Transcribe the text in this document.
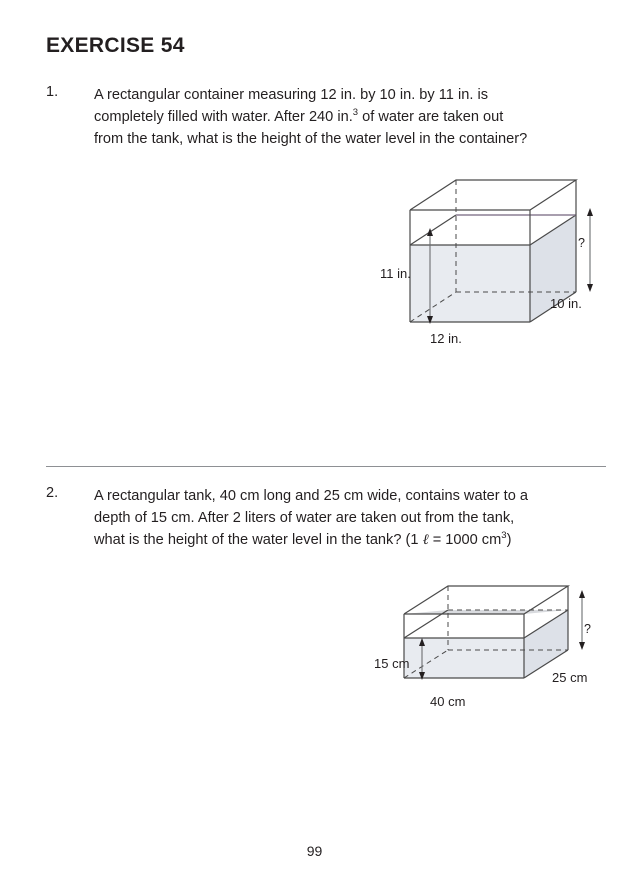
EXERCISE 54
1. A rectangular container measuring 12 in. by 10 in. by 11 in. is
completely filled with water. After 240 in.$^3$ of water are taken out
from the tank, what is the height of the water level in the container?
11 in.
10 in.
12 in.
?
2. A rectangular tank, 40 cm long and 25 cm wide, contains water to a
depth of 15 cm. After 2 liters of water are taken out from the tank,
what is the height of the water level in the tank? (1 ℓ = 1000 $cm^3$)
15 cm
25 cm
40 cm
?
99
